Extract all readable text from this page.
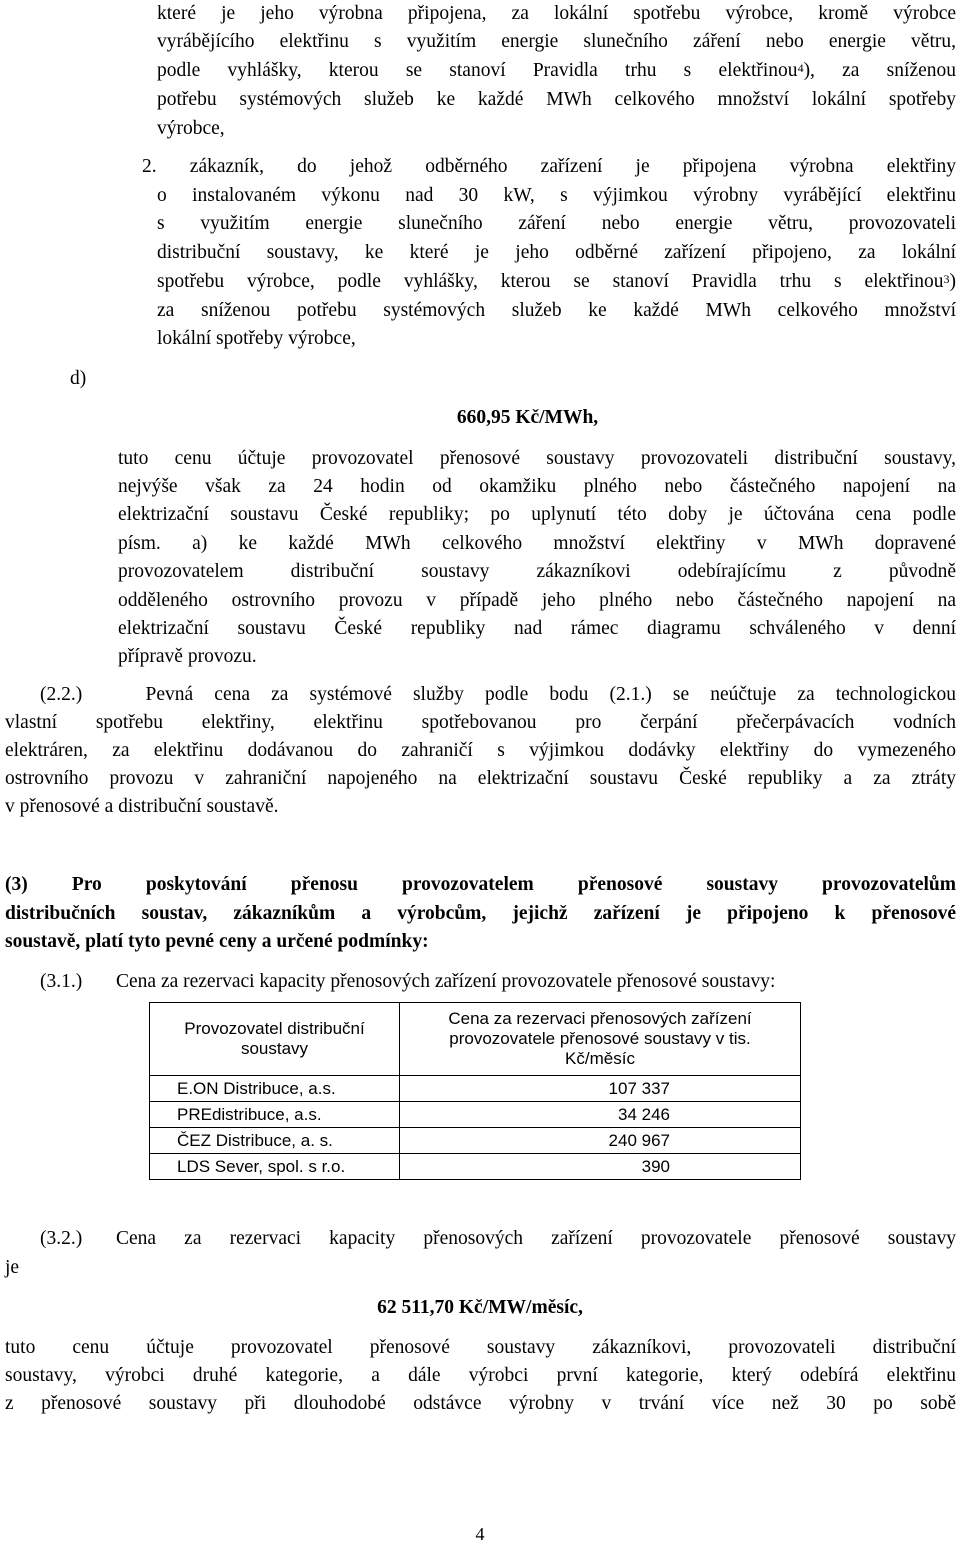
které je jeho výrobna připojena, za lokální spotřebu výrobce, kromě výrobce
vyrábějícího elektřinu s využitím energie slunečního záření nebo energie větru,
podle vyhlášky, kterou se stanoví Pravidla trhu s elektřinou$^4$), za sníženou
potřebu systémových služeb ke každé MWh celkového množství lokální spotřeby
výrobce,
2. zákazník, do jehož odběrného zařízení je připojena výrobna elektřiny
o instalovaném výkonu nad 30 kW, s výjimkou výrobny vyrábějící elektřinu
s využitím energie slunečního záření nebo energie větru, provozovateli
distribuční soustavy, ke které je jeho odběrné zařízení připojeno, za lokální
spotřebu výrobce, podle vyhlášky, kterou se stanoví Pravidla trhu s elektřinou$^3$)
za sníženou potřebu systémových služeb ke každé MWh celkového množství
lokální spotřeby výrobce,
d)
660,95 Kč/MWh,
tuto cenu účtuje provozovatel přenosové soustavy provozovateli distribuční soustavy,
nejvýše však za 24 hodin od okamžiku plného nebo částečného napojení na
elektrizační soustavu České republiky; po uplynutí této doby je účtována cena podle
písm. a) ke každé MWh celkového množství elektřiny v MWh dopravené
provozovatelem distribuční soustavy zákazníkovi odebírajícímu z původně
odděleného ostrovního provozu v případě jeho plného nebo částečného napojení na
elektrizační soustavu České republiky nad rámec diagramu schváleného v denní
přípravě provozu.
(2.2.)   Pevná cena za systémové služby podle bodu (2.1.) se neúčtuje za technologickou
vlastní spotřebu elektřiny, elektřinu spotřebovanou pro čerpání přečerpávacích vodních
elektráren, za elektřinu dodávanou do zahraničí s výjimkou dodávky elektřiny do vymezeného
ostrovního provozu v zahraniční napojeného na elektrizační soustavu České republiky a za ztráty
v přenosové a distribuční soustavě.
(3) Pro poskytování přenosu provozovatelem přenosové soustavy provozovatelům
distribučních soustav, zákazníkům a výrobcům, jejichž zařízení je připojeno k přenosové
soustavě, platí tyto pevné ceny a určené podmínky:
(3.1.) Cena za rezervaci kapacity přenosových zařízení provozovatele přenosové soustavy:
Provozovatel distribuční soustavy	Cena za rezervaci přenosových zařízení provozovatele přenosové soustavy v tis. Kč/měsíc
E.ON Distribuce, a.s.	107 337
PREdistribuce, a.s.	34 246
ČEZ Distribuce, a. s.	240 967
LDS Sever, spol. s r.o.	390
(3.2.) Cena za rezervaci kapacity přenosových zařízení provozovatele přenosové soustavy
je
62 511,70 Kč/MW/měsíc,
tuto cenu účtuje provozovatel přenosové soustavy zákazníkovi, provozovateli distribuční
soustavy, výrobci druhé kategorie, a dále výrobci první kategorie, který odebírá elektřinu
z přenosové soustavy při dlouhodobé odstávce výrobny v trvání více než 30 po sobě
4
